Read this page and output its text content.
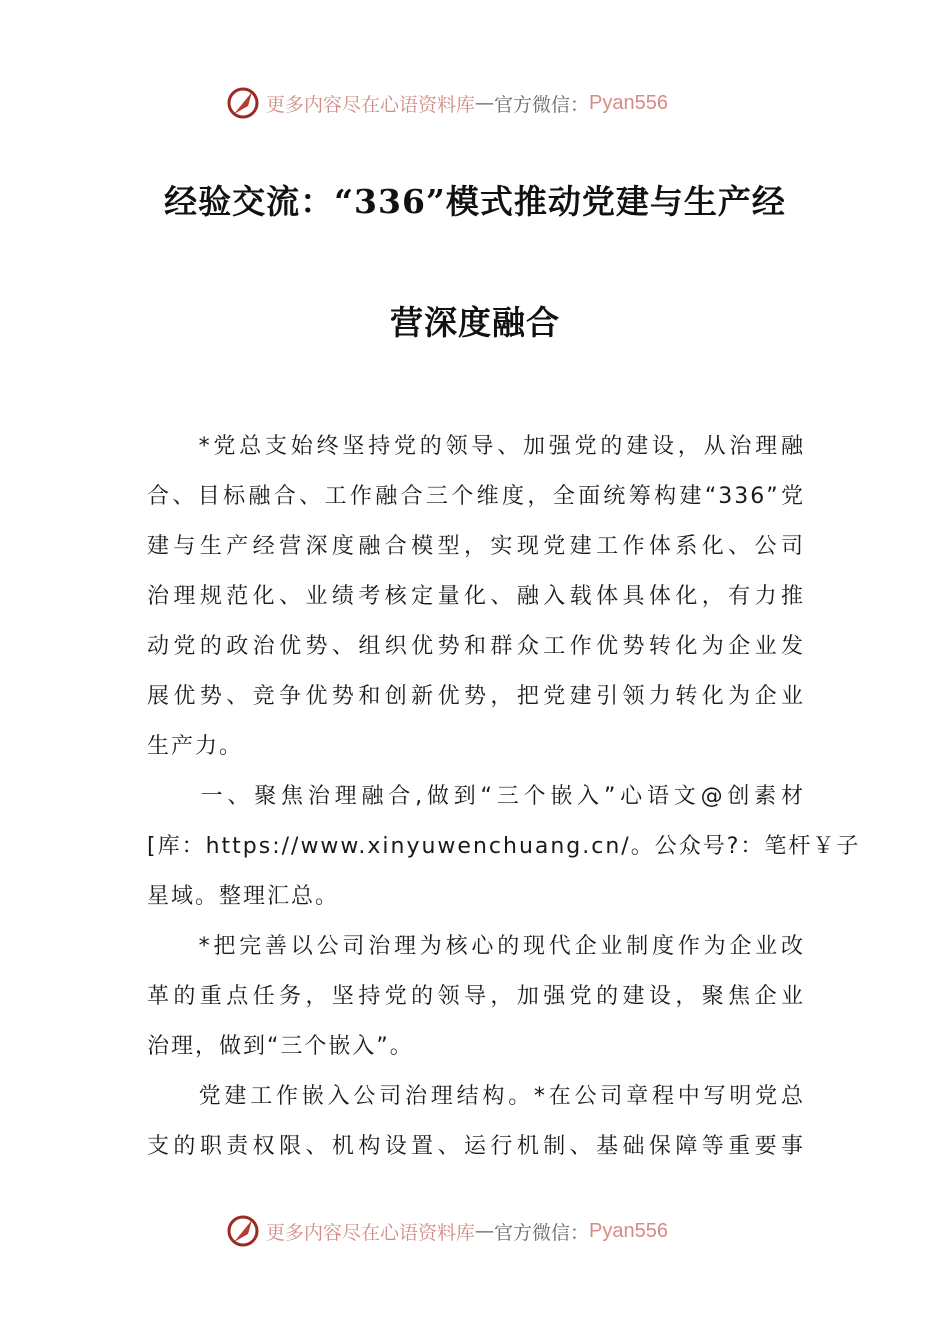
更多内容尽在心语资料库 — 官方微信： Pyan556
经验交流：“336”模式推动党建与生产经
营深度融合
　　*党总支始终坚持党的领导、加强党的建设，从治理融
合、目标融合、工作融合三个维度，全面统筹构建“336”党
建与生产经营深度融合模型，实现党建工作体系化、公司
治理规范化、业绩考核定量化、融入载体具体化，有力推
动党的政治优势、组织优势和群众工作优势转化为企业发
展优势、竞争优势和创新优势，把党建引领力转化为企业
生产力。
　　一、聚焦治理融合,做到“三个嵌入”心语文@创素材
[库：https://www.xinyuwenchuang.cn/。公众号?：笔杆￥子
星域。整理汇总。
　　*把完善以公司治理为核心的现代企业制度作为企业改
革的重点任务，坚持党的领导，加强党的建设，聚焦企业
治理，做到“三个嵌入”。
　　党建工作嵌入公司治理结构。*在公司章程中写明党总
支的职责权限、机构设置、运行机制、基础保障等重要事
更多内容尽在心语资料库 — 官方微信： Pyan556
